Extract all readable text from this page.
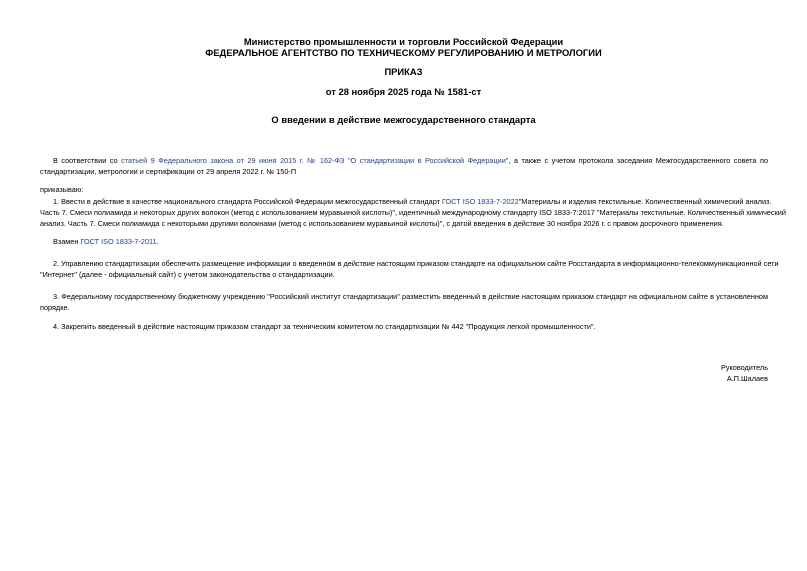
Министерство промышленности и торговли Российской Федерации
ФЕДЕРАЛЬНОЕ АГЕНТСТВО ПО ТЕХНИЧЕСКОМУ РЕГУЛИРОВАНИЮ И МЕТРОЛОГИИ
ПРИКАЗ
от 28 ноября 2025 года № 1581-ст
О введении в действие межгосударственного стандарта
В соответствии со статьей 9 Федерального закона от 29 июня 2015 г. № 162-ФЗ "О стандартизации в Российской Федерации", а также с учетом протокола заседания Межгосударственного совета по
стандартизации, метрологии и сертификации от 29 апреля 2022 г. № 150-П
приказываю:
1. Ввести в действие в качестве национального стандарта Российской Федерации межгосударственный стандарт ГОСТ ISO 1833-7-2022"Материалы и изделия текстильные. Количественный химический анализ.
Часть 7. Смеси полиамида и некоторых других волокон (метод с использованием муравьиной кислоты)", идентичный международному стандарту ISO 1833-7:2017 "Материалы текстильные. Количественный химический
анализ. Часть 7. Смеси полиамида с некоторыми другими волокнами (метод с использованием муравьиной кислоты)", с датой введения в действие 30 ноября 2026 г. с правом досрочного применения.
Взамен ГОСТ ISO 1833-7-2011.
2. Управлению стандартизации обеспечить размещение информации о введенном в действие настоящим приказом стандарте на официальном сайте Росстандарта в информационно-телекоммуникационной сети
"Интернет" (далее - официальный сайт) с учетом законодательства о стандартизации.
3. Федеральному государственному бюджетному учреждению "Российский институт стандартизации" разместить введенный в действие настоящим приказом стандарт на официальном сайте в установленном
порядке.
4. Закрепить введенный в действие настоящим приказом стандарт за техническим комитетом по стандартизации № 442 "Продукция легкой промышленности".
Руководитель
А.П.Шалаев
